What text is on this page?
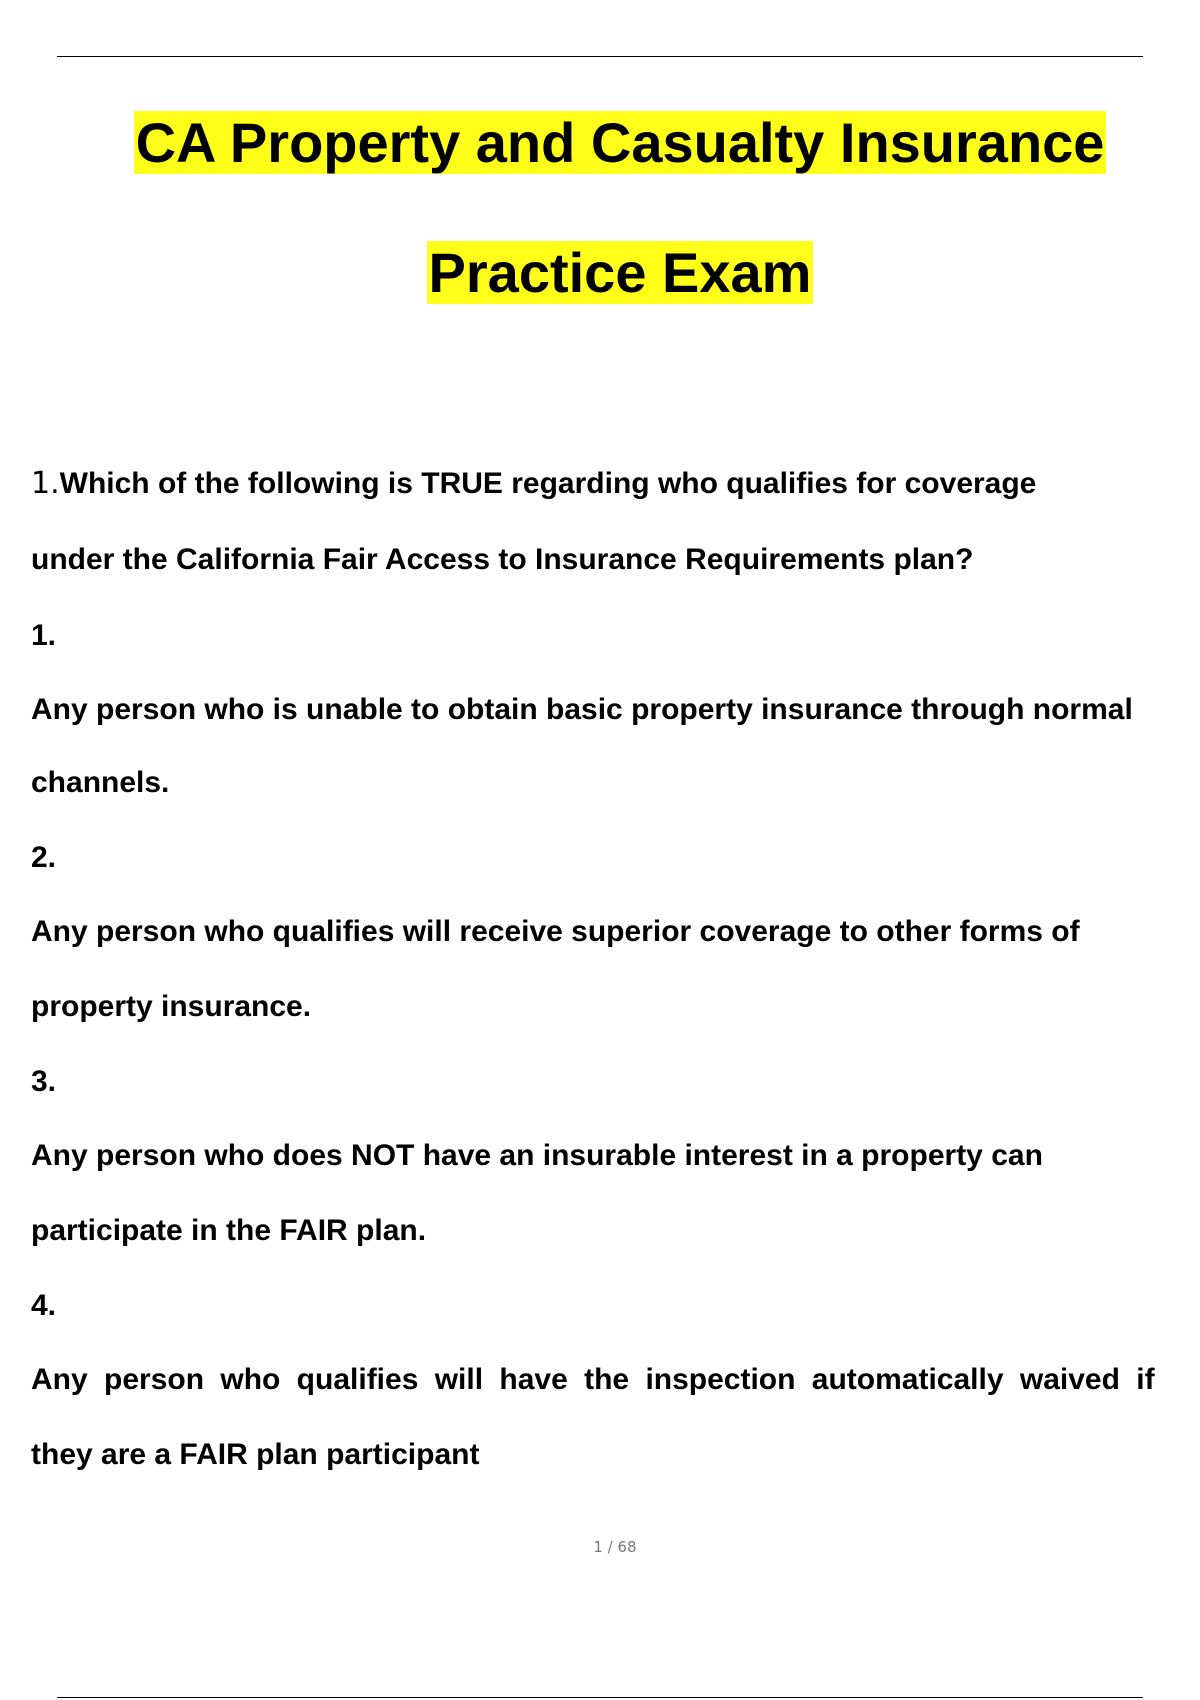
CA Property and Casualty Insurance
Practice Exam
1.Which of the following is TRUE regarding who qualifies for coverage
under the California Fair Access to Insurance Requirements plan?
1.
Any person who is unable to obtain basic property insurance through normal
channels.
2.
Any person who qualifies will receive superior coverage to other forms of
property insurance.
3.
Any person who does NOT have an insurable interest in a property can
participate in the FAIR plan.
4.
Any person who qualifies will have the inspection automatically waived if
they are a FAIR plan participant
1 / 68
